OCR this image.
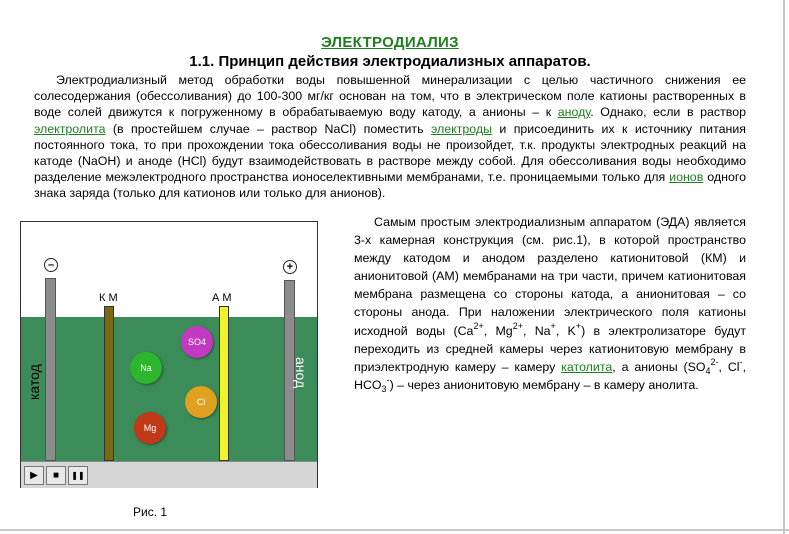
ЭЛЕКТРОДИАЛИЗ
1.1. Принцип действия электродиализных аппаратов.
Электродиализный метод обработки воды повышенной минерализации с целью частичного снижения ее солесодержания (обессоливания) до 100-300 мг/кг основан на том, что в электрическом поле катионы растворенных в воде солей движутся к погруженному в обрабатываемую воду катоду, а анионы – к аноду. Однако, если в раствор электролита (в простейшем случае – раствор NaCl) поместить электроды и присоединить их к источнику питания постоянного тока, то при прохождении тока обессоливания воды не произойдет, т.к. продукты электродных реакций на катоде (NaOH) и аноде (HCl) будут взаимодействовать в растворе между собой. Для обессоливания воды необходимо разделение межэлектродного пространства ионоселективными мембранами, т.е. проницаемыми только для ионов одного знака заряда (только для катионов или только для анионов).
Самым простым электродиализным аппаратом (ЭДА) является 3-х камерная конструкция (см. рис.1), в которой пространство между катодом и анодом разделено катионитовой (КМ) и анионитовой (АМ) мембранами на три части, причем катионитовая мембрана размещена со стороны катода, а анионитовая – со стороны анода. При наложении электрического поля катионы исходной воды ($Ca^{2+}$, $Mg^{2+}$, Na+, K+) в электролизаторе будут переходить из средней камеры через катионитовую мембрану в приэлектродную камеру – камеру католита, а анионы ($SO_4^{2-}$, Cl-, $HCO_3^-$) – через анионитовую мембрану – в камеру анолита.
–	+
К М	А М
катод	анод
SO4
Na
Cl
Mg
▶	■	❚❚
Рис. 1
